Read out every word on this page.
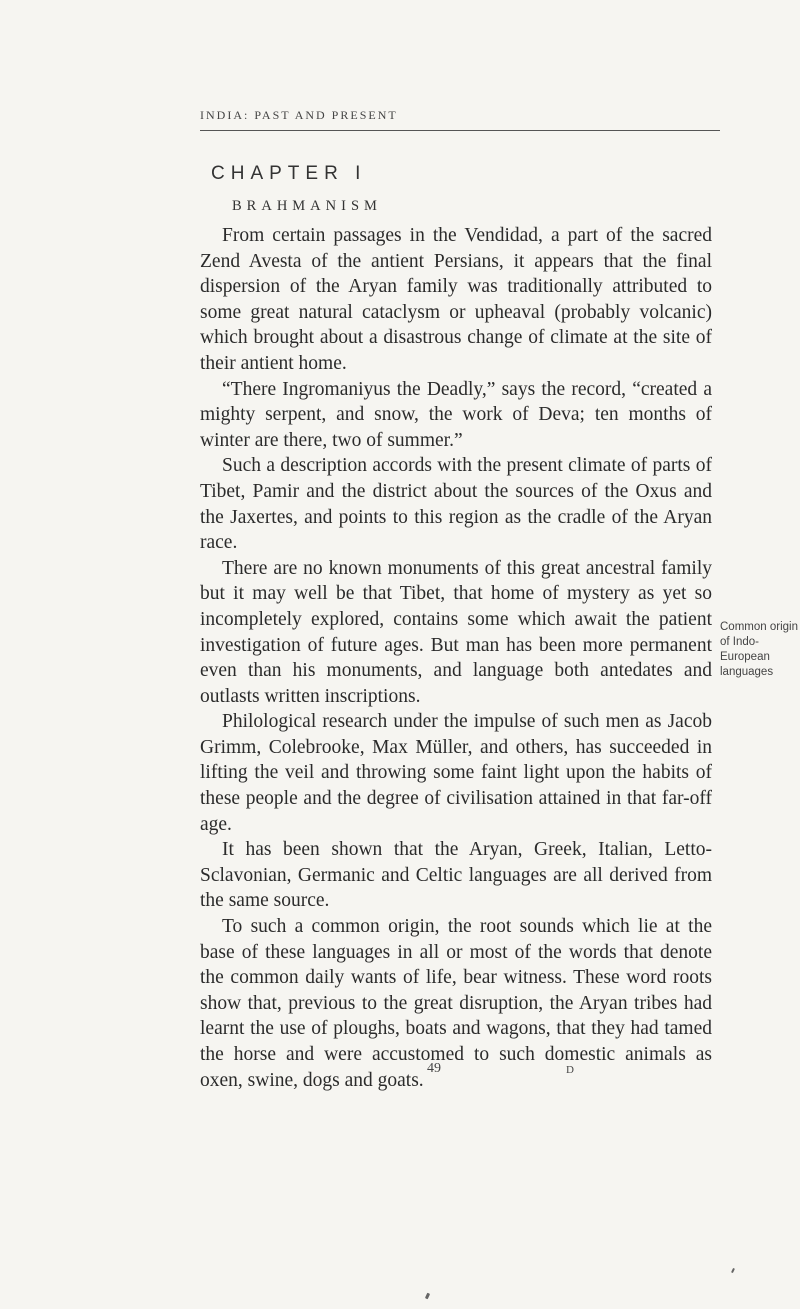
INDIA: PAST AND PRESENT
CHAPTER I
BRAHMANISM

From certain passages in the Vendidad, a part of the sacred Zend Avesta of the antient Persians, it appears that the final dispersion of the Aryan family was traditionally attributed to some great natural cataclysm or upheaval (probably volcanic) which brought about a disastrous change of climate at the site of their antient home.

“There Ingromaniyus the Deadly,” says the record, “created a mighty serpent, and snow, the work of Deva; ten months of winter are there, two of summer.”

Such a description accords with the present climate of parts of Tibet, Pamir and the district about the sources of the Oxus and the Jaxertes, and points to this region as the cradle of the Aryan race.

There are no known monuments of this great ancestral family but it may well be that Tibet, that home of mystery as yet so incompletely explored, contains some which await the patient investigation of future ages. But man has been more permanent even than his monuments, and language both antedates and outlasts written inscriptions.

Philological research under the impulse of such men as Jacob Grimm, Colebrooke, Max Müller, and others, has succeeded in lifting the veil and throwing some faint light upon the habits of these people and the degree of civilisation attained in that far-off age.

It has been shown that the Aryan, Greek, Italian, Letto-Sclavonian, Germanic and Celtic languages are all derived from the same source.

To such a common origin, the root sounds which lie at the base of these languages in all or most of the words that denote the common daily wants of life, bear witness. These word roots show that, previous to the great disruption, the Aryan tribes had learnt the use of ploughs, boats and wagons, that they had tamed the horse and were accustomed to such domestic animals as oxen, swine, dogs and goats.

Common origin of Indo-European languages
49	D
